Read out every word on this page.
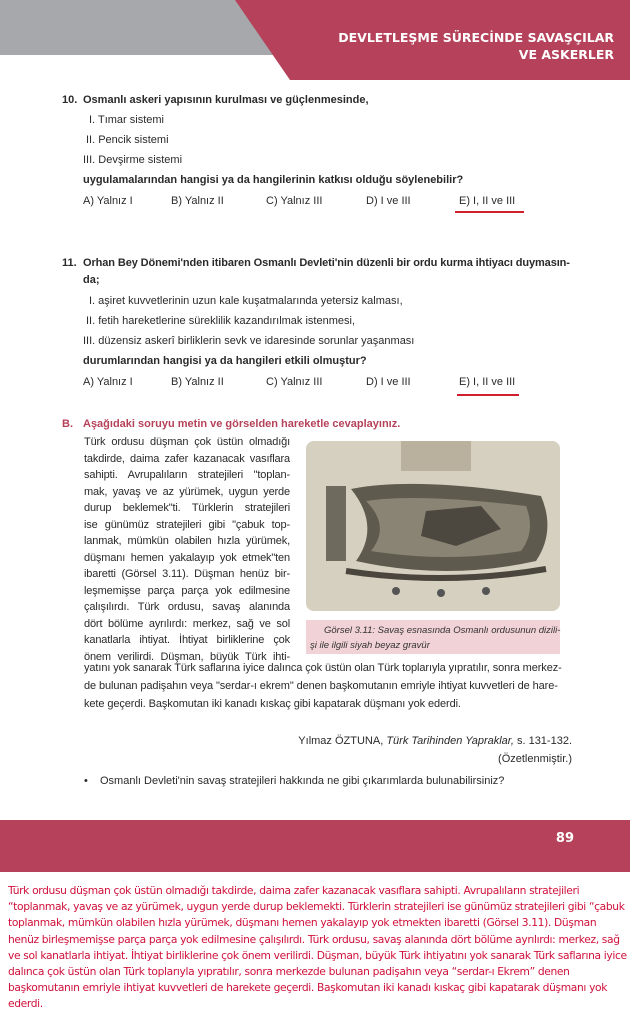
DEVLETLEŞME SÜRECİNDE SAVAŞÇILAR
VE ASKERLER
10. Osmanlı askeri yapısının kurulması ve güçlenmesinde,
I. Tımar sistemi
II. Pencik sistemi
III. Devşirme sistemi
uygulamalarından hangisi ya da hangilerinin katkısı olduğu söylenebilir?
A) Yalnız I	B) Yalnız II	C) Yalnız III	D) I ve III	E) I, II ve III
11. Orhan Bey Dönemi'nden itibaren Osmanlı Devleti'nin düzenli bir ordu kurma ihtiyacı duymasın-
da;
I. aşiret kuvvetlerinin uzun kale kuşatmalarında yetersiz kalması,
II. fetih hareketlerine süreklilik kazandırılmak istenmesi,
III. düzensiz askerî birliklerin sevk ve idaresinde sorunlar yaşanması
durumlarından hangisi ya da hangileri etkili olmuştur?
A) Yalnız I	B) Yalnız II	C) Yalnız III	D) I ve III	E) I, II ve III
B. Aşağıdaki soruyu metin ve görselden hareketle cevaplayınız.
Türk ordusu düşman çok üstün olmadığı
takdirde, daima zafer kazanacak vasıflara
sahipti. Avrupalıların stratejileri "toplan-
mak, yavaş ve az yürümek, uygun yerde
durup beklemek"ti. Türklerin stratejileri
ise günümüz stratejileri gibi "çabuk top-
lanmak, mümkün olabilen hızla yürümek,
düşmanı hemen yakalayıp yok etmek"ten
ibaretti (Görsel 3.11). Düşman henüz bir-
leşmemişse parça parça yok edilmesine
çalışılırdı. Türk ordusu, savaş alanında
dört bölüme ayrılırdı: merkez, sağ ve sol
kanatlarla ihtiyat. İhtiyat birliklerine çok
önem verilirdi. Düşman, büyük Türk ihti-
Görsel 3.11: Savaş esnasında Osmanlı ordusunun dizili-
şi ile ilgili siyah beyaz gravür
yatını yok sanarak Türk saflarına iyice dalınca çok üstün olan Türk toplarıyla yıpratılır, sonra merkez-
de bulunan padişahın veya "serdar-ı ekrem" denen başkomutanın emriyle ihtiyat kuvvetleri de hare-
kete geçerdi. Başkomutan iki kanadı kıskaç gibi kapatarak düşmanı yok ederdi.
Yılmaz ÖZTUNA, Türk Tarihinden Yapraklar, s. 131-132.
(Özetlenmiştir.)
• Osmanlı Devleti'nin savaş stratejileri hakkında ne gibi çıkarımlarda bulunabilirsiniz?
89
Türk ordusu düşman çok üstün olmadığı takdirde, daima zafer kazanacak vasıflara sahipti. Avrupalıların stratejileri “toplanmak, yavaş ve az yürümek, uygun yerde durup beklemekti. Türklerin stratejileri ise günümüz stratejileri gibi “çabuk toplanmak, mümkün olabilen hızla yürümek, düşmanı hemen yakalayıp yok etmekten ibaretti (Görsel 3.11). Düşman henüz birleşmemişse parça parça yok edilmesine çalışılırdı. Türk ordusu, savaş alanında dört bölüme ayrılırdı: merkez, sağ ve sol kanatlarla ihtiyat. İhtiyat birliklerine çok önem verilirdi. Düşman, büyük Türk ihtiyatını yok sanarak Türk saflarına iyice dalınca çok üstün olan Türk toplarıyla yıpratılır, sonra merkezde bulunan padişahın veya “serdar-ı Ekrem” denen başkomutanın emriyle ihtiyat kuvvetleri de harekete geçerdi. Başkomutan iki kanadı kıskaç gibi kapatarak düşmanı yok ederdi.
